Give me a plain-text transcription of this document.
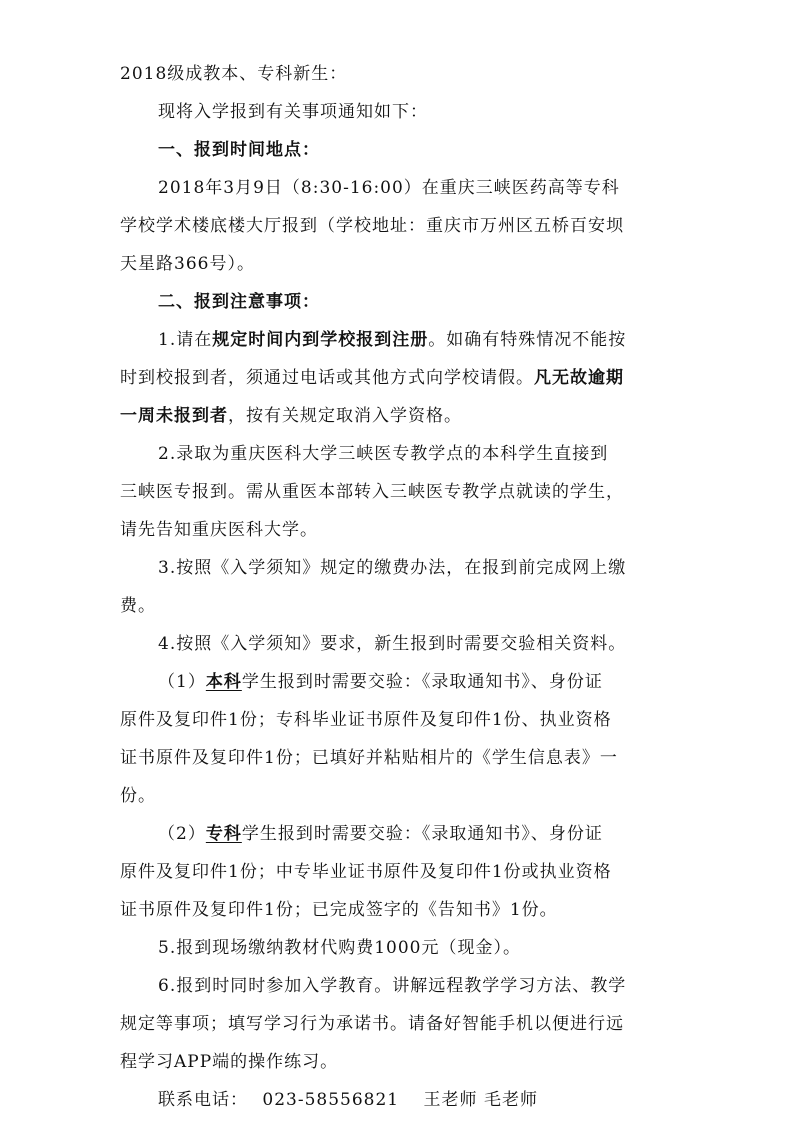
2018级成教本、专科新生：
现将入学报到有关事项通知如下：
一、报到时间地点：
2018年3月9日（8:30-16:00）在重庆三峡医药高等专科
学校学术楼底楼大厅报到（学校地址：重庆市万州区五桥百安坝
天星路366号）。
二、报到注意事项：
1.请在规定时间内到学校报到注册。如确有特殊情况不能按
时到校报到者，须通过电话或其他方式向学校请假。凡无故逾期
一周未报到者，按有关规定取消入学资格。
2.录取为重庆医科大学三峡医专教学点的本科学生直接到
三峡医专报到。需从重医本部转入三峡医专教学点就读的学生，
请先告知重庆医科大学。
3.按照《入学须知》规定的缴费办法，在报到前完成网上缴
费。
4.按照《入学须知》要求，新生报到时需要交验相关资料。
（1）本科学生报到时需要交验：《录取通知书》、身份证
原件及复印件1份；专科毕业证书原件及复印件1份、执业资格
证书原件及复印件1份；已填好并粘贴相片的《学生信息表》一
份。
（2）专科学生报到时需要交验：《录取通知书》、身份证
原件及复印件1份；中专毕业证书原件及复印件1份或执业资格
证书原件及复印件1份；已完成签字的《告知书》1份。
5.报到现场缴纳教材代购费1000元（现金）。
6.报到时同时参加入学教育。讲解远程教学学习方法、教学
规定等事项；填写学习行为承诺书。请备好智能手机以便进行远
程学习APP端的操作练习。
联系电话： 023-58556821 王老师 毛老师
